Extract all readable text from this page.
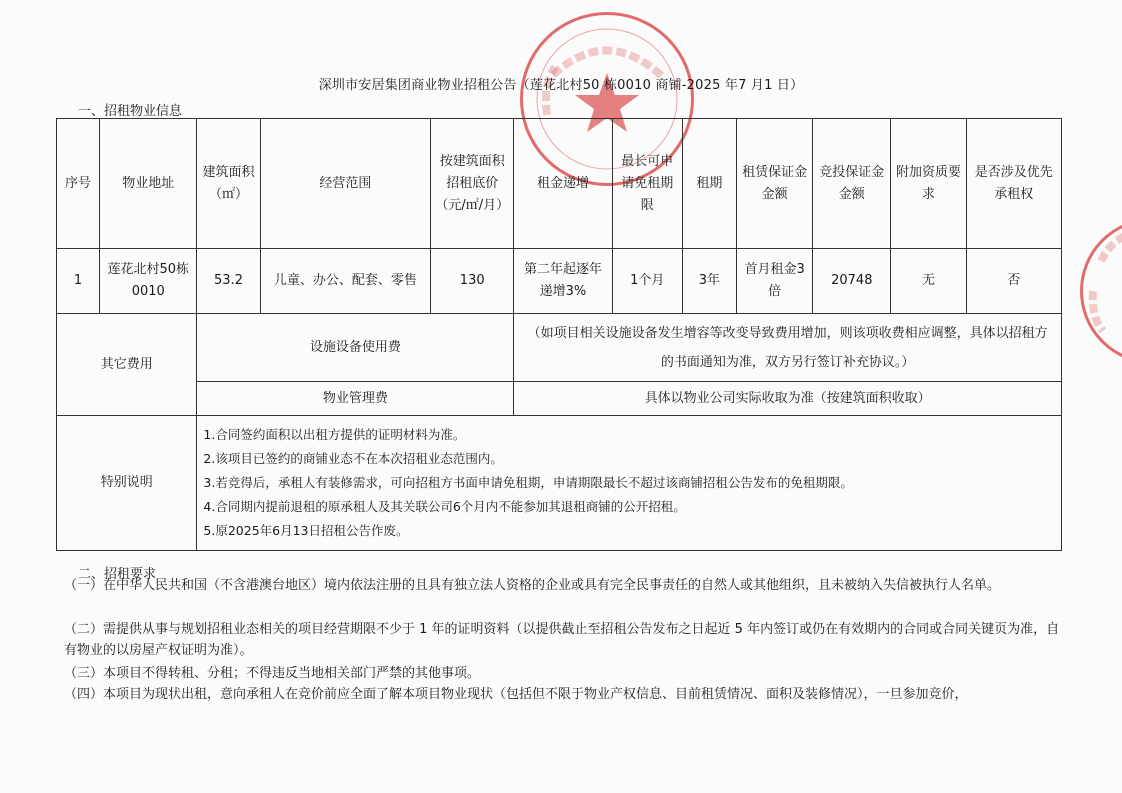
深圳市安居集团商业物业招租公告（莲花北村50 栋0010 商铺-2025 年7 月1 日）
一、招租物业信息
序号	物业地址	建筑面积（㎡）	经营范围	按建筑面积招租底价（元/㎡/月）	租金递增	最长可申请免租期限	租期	租赁保证金金额	竞投保证金金额	附加资质要求	是否涉及优先承租权
1	莲花北村50栋0010	53.2	儿童、办公、配套、零售	130	第二年起逐年递增3%	1个月	3年	首月租金3倍	20748	无	否
其它费用		设施设备使用费			（如项目相关设施设备发生增容等改变导致费用增加，则该项收费相应调整，具体以招租方的书面通知为准，双方另行签订补充协议。）						
		物业管理费			具体以物业公司实际收取为准（按建筑面积收取）						
特别说明		1.合同签约面积以出租方提供的证明材料为准。
2.该项目已签约的商铺业态不在本次招租业态范围内。
3.若竞得后，承租人有装修需求，可向招租方书面申请免租期，申请期限最长不超过该商铺招租公告发布的免租期限。
4.合同期内提前退租的原承租人及其关联公司6个月内不能参加其退租商铺的公开招租。
5.原2025年6月13日招租公告作废。									
二、招租要求
（一）在中华人民共和国（不含港澳台地区）境内依法注册的且具有独立法人资格的企业或具有完全民事责任的自然人或其他组织，且未被纳入失信被执行人名单。
（二）需提供从事与规划招租业态相关的项目经营期限不少于 1 年的证明资料（以提供截止至招租公告发布之日起近 5 年内签订或仍在有效期内的合同或合同关键页为准，自有物业的以房屋产权证明为准）。
（三）本项目不得转租、分租；不得违反当地相关部门严禁的其他事项。
（四）本项目为现状出租，意向承租人在竞价前应全面了解本项目物业现状（包括但不限于物业产权信息、目前租赁情况、面积及装修情况），一旦参加竞价，
